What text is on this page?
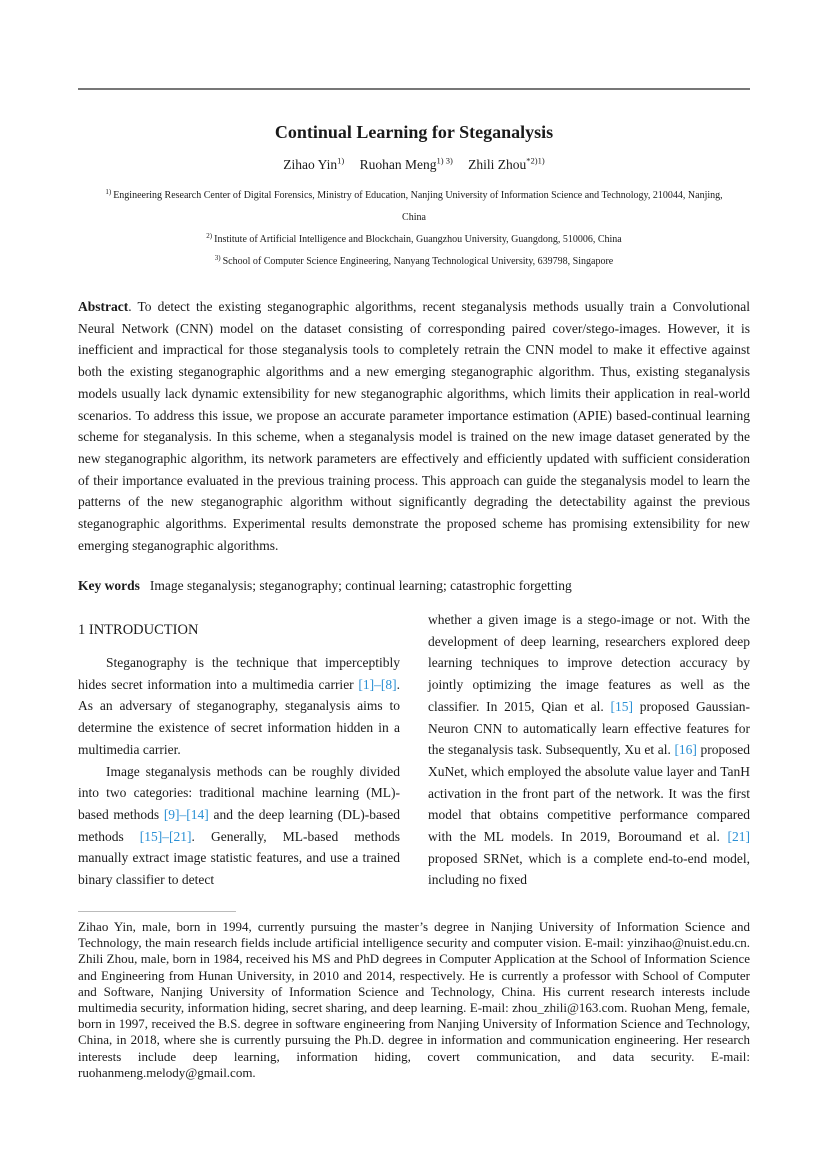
Continual Learning for Steganalysis
Zihao Yin$^{1)}$ Ruohan Meng$^{1) 3)}$ Zhili Zhou$^{*2)1)}$
$^{1)}$ Engineering Research Center of Digital Forensics, Ministry of Education, Nanjing University of Information Science and Technology, 210044, Nanjing,
China
$^{2)}$ Institute of Artificial Intelligence and Blockchain, Guangzhou University, Guangdong, 510006, China
$^{3)}$ School of Computer Science Engineering, Nanyang Technological University, 639798, Singapore

Abstract. To detect the existing steganographic algorithms, recent steganalysis methods usually train a Convolutional Neural Network (CNN) model on the dataset consisting of corresponding paired cover/stego-images. However, it is inefficient and impractical for those steganalysis tools to completely retrain the CNN model to make it effective against both the existing steganographic algorithms and a new emerging steganographic algorithm. Thus, existing steganalysis models usually lack dynamic extensibility for new steganographic algorithms, which limits their application in real-world scenarios. To address this issue, we propose an accurate parameter importance estimation (APIE) based-continual learning scheme for steganalysis. In this scheme, when a steganalysis model is trained on the new image dataset generated by the new steganographic algorithm, its network parameters are effectively and efficiently updated with sufficient consideration of their importance evaluated in the previous training process. This approach can guide the steganalysis model to learn the patterns of the new steganographic algorithm without significantly degrading the detectability against the previous steganographic algorithms. Experimental results demonstrate the proposed scheme has promising extensibility for new emerging steganographic algorithms.

Key words Image steganalysis; steganography; continual learning; catastrophic forgetting

1 INTRODUCTION

Steganography is the technique that imperceptibly hides secret information into a multimedia carrier [1]–[8]. As an adversary of steganography, steganalysis aims to determine the existence of secret information hidden in a multimedia carrier.

Image steganalysis methods can be roughly divided into two categories: traditional machine learning (ML)-based methods [9]–[14] and the deep learning (DL)-based methods [15]–[21]. Generally, ML-based methods manually extract image statistic features, and use a trained binary classifier to detect

whether a given image is a stego-image or not. With the development of deep learning, researchers explored deep learning techniques to improve detection accuracy by jointly optimizing the image features as well as the classifier. In 2015, Qian et al. [15] proposed Gaussian-Neuron CNN to automatically learn effective features for the steganalysis task. Subsequently, Xu et al. [16] proposed XuNet, which employed the absolute value layer and TanH activation in the front part of the network. It was the first model that obtains competitive performance compared with the ML models. In 2019, Boroumand et al. [21] proposed SRNet, which is a complete end-to-end model, including no fixed

Zihao Yin, male, born in 1994, currently pursuing the master’s degree in Nanjing University of Information Science and Technology, the main research fields include artificial intelligence security and computer vision. E-mail: yinzihao@nuist.edu.cn. Zhili Zhou, male, born in 1984, received his MS and PhD degrees in Computer Application at the School of Information Science and Engineering from Hunan University, in 2010 and 2014, respectively. He is currently a professor with School of Computer and Software, Nanjing University of Information Science and Technology, China. His current research interests include multimedia security, information hiding, secret sharing, and deep learning. E-mail: zhou_zhili@163.com. Ruohan Meng, female, born in 1997, received the B.S. degree in software engineering from Nanjing University of Information Science and Technology, China, in 2018, where she is currently pursuing the Ph.D. degree in information and communication engineering. Her research interests include deep learning, information hiding, covert communication, and data security. E-mail: ruohanmeng.melody@gmail.com.
